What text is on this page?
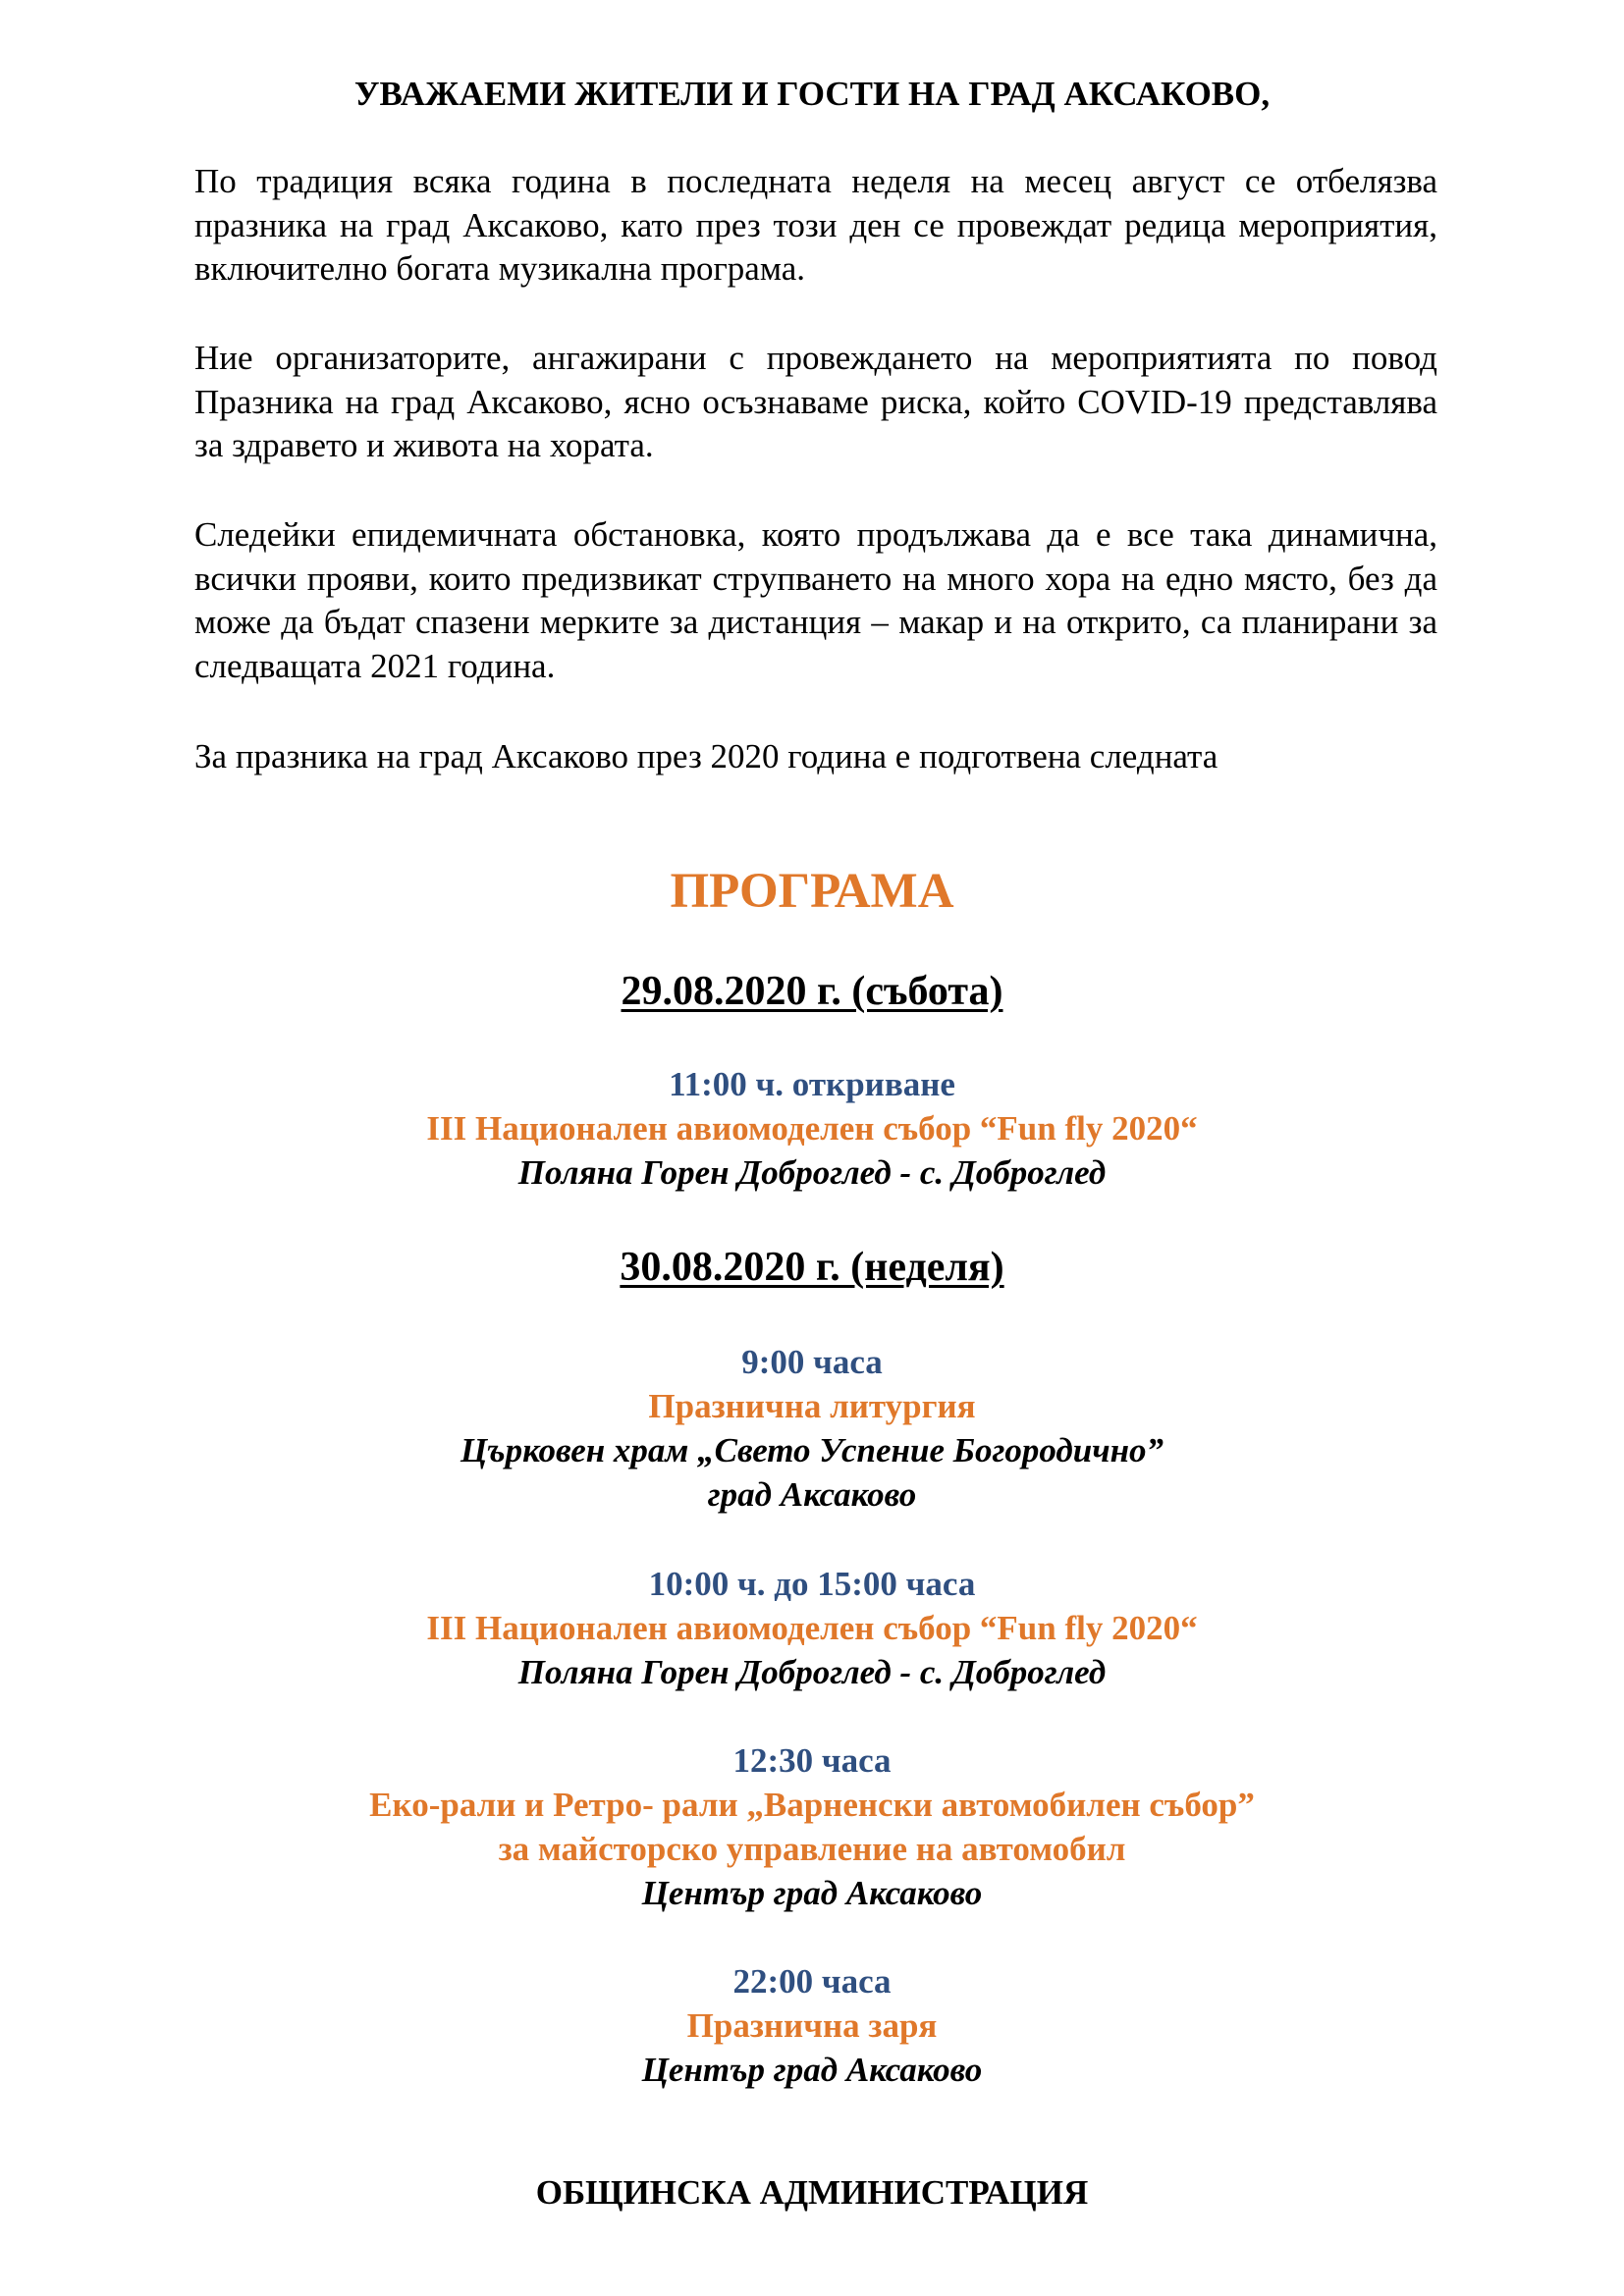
УВАЖАЕМИ ЖИТЕЛИ И ГОСТИ НА ГРАД АКСАКОВО,

По традиция всяка година в последната неделя на месец август се отбелязва празника на град Аксаково, като през този ден се провеждат редица мероприятия, включително богата музикална програма.

Ние организаторите, ангажирани с провеждането на мероприятията по повод Празника на град Аксаково, ясно осъзнаваме риска, който COVID-19 представлява за здравето и живота на хората.

Следейки епидемичната обстановка, която продължава да е все така динамична, всички прояви, които предизвикат струпването на много хора на едно място, без да може да бъдат спазени мерките за дистанция – макар и на открито, са планирани за следващата 2021 година.

За празника на град Аксаково през 2020 година е подготвена следната

ПРОГРАМА

29.08.2020 г. (събота)

11:00 ч. откриване
III Национален авиомоделен събор “Fun fly 2020“
Поляна Горен Доброглед - с. Доброглед

30.08.2020 г. (неделя)

9:00 часа
Празнична литургия
Църковен храм „Свето Успение Богородично”
град Аксаково
10:00 ч. до 15:00 часа
III Национален авиомоделен събор “Fun fly 2020“
Поляна Горен Доброглед - с. Доброглед
12:30 часа
Еко-рали и Ретро- рали „Варненски автомобилен събор”
за майсторско управление на автомобил
Център град Аксаково
22:00 часа
Празнична заря
Център град Аксаково

ОБЩИНСКА АДМИНИСТРАЦИЯ
